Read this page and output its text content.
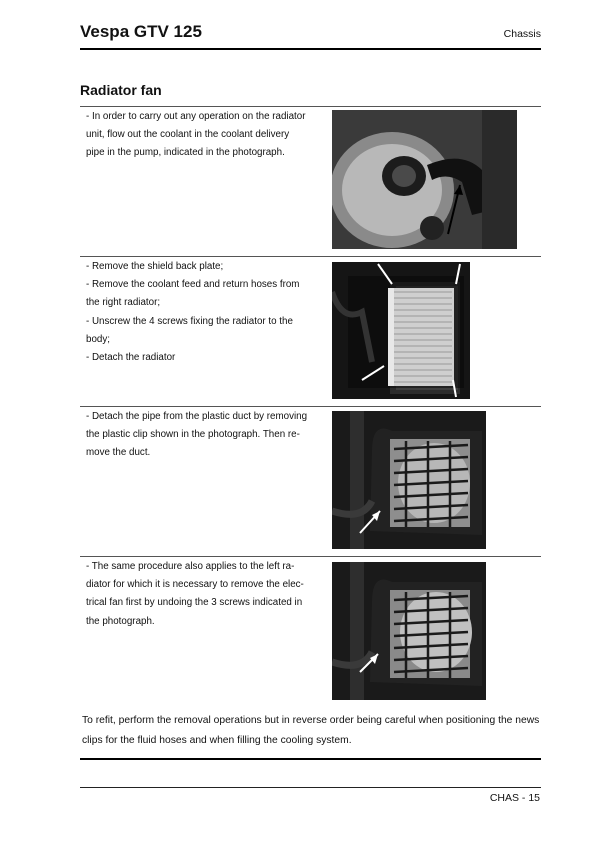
Vespa GTV 125	Chassis
Radiator fan
- In order to carry out any operation on the radiator
unit, flow out the coolant in the coolant delivery
pipe in the pump, indicated in the photograph.
- Remove the shield back plate;
- Remove the coolant feed and return hoses from
the right radiator;
- Unscrew the 4 screws fixing the radiator to the
body;
- Detach the radiator
- Detach the pipe from the plastic duct by removing
the plastic clip shown in the photograph. Then re-
move the duct.
- The same procedure also applies to the left ra-
diator for which it is necessary to remove the elec-
trical fan first by undoing the 3 screws indicated in
the photograph.
To refit, perform the removal operations but in reverse order being careful when positioning the news clips for the fluid hoses and when filling the cooling system.
CHAS - 15
